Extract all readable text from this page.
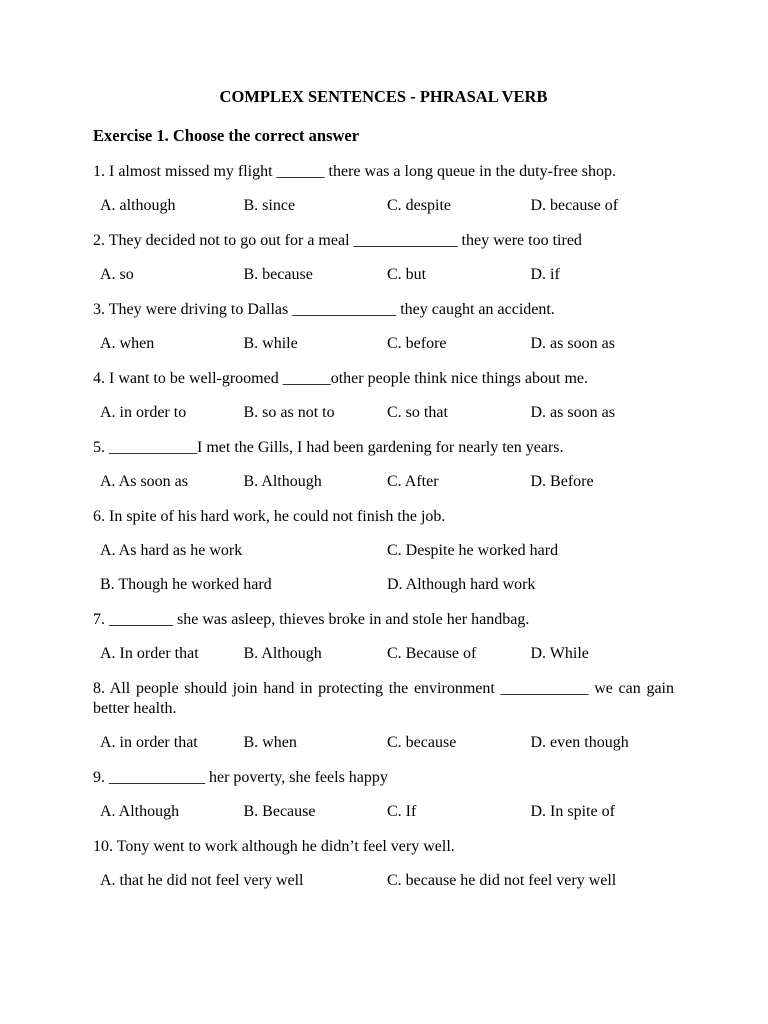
COMPLEX SENTENCES - PHRASAL VERB

Exercise 1. Choose the correct answer
1. I almost missed my flight ______ there was a long queue in the duty-free shop.
A. although	B. since	C. despite	D. because of
2. They decided not to go out for a meal _____________ they were too tired
A. so	B. because	C. but	D. if
3. They were driving to Dallas _____________ they caught an accident.
A. when	B. while	C. before	D. as soon as
4. I want to be well-groomed ______other people think nice things about me.
A. in order to	B. so as not to	C. so that	D. as soon as
5. ___________I met the Gills, I had been gardening for nearly ten years.
A. As soon as	B. Although	C. After	D. Before
6. In spite of his hard work, he could not finish the job.
A. As hard as he work	C. Despite he worked hard
B. Though he worked hard	D. Although hard work
7. ________ she was asleep, thieves broke in and stole her handbag.
A. In order that	B. Although	C. Because of	D. While
8. All people should join hand in protecting the environment ___________ we can gain better health.
A. in order that	B. when	C. because	D. even though
9. ____________ her poverty, she feels happy
A. Although	B. Because	C. If	D. In spite of
10. Tony went to work although he didn’t feel very well.
A. that he did not feel very well	C. because he did not feel very well
